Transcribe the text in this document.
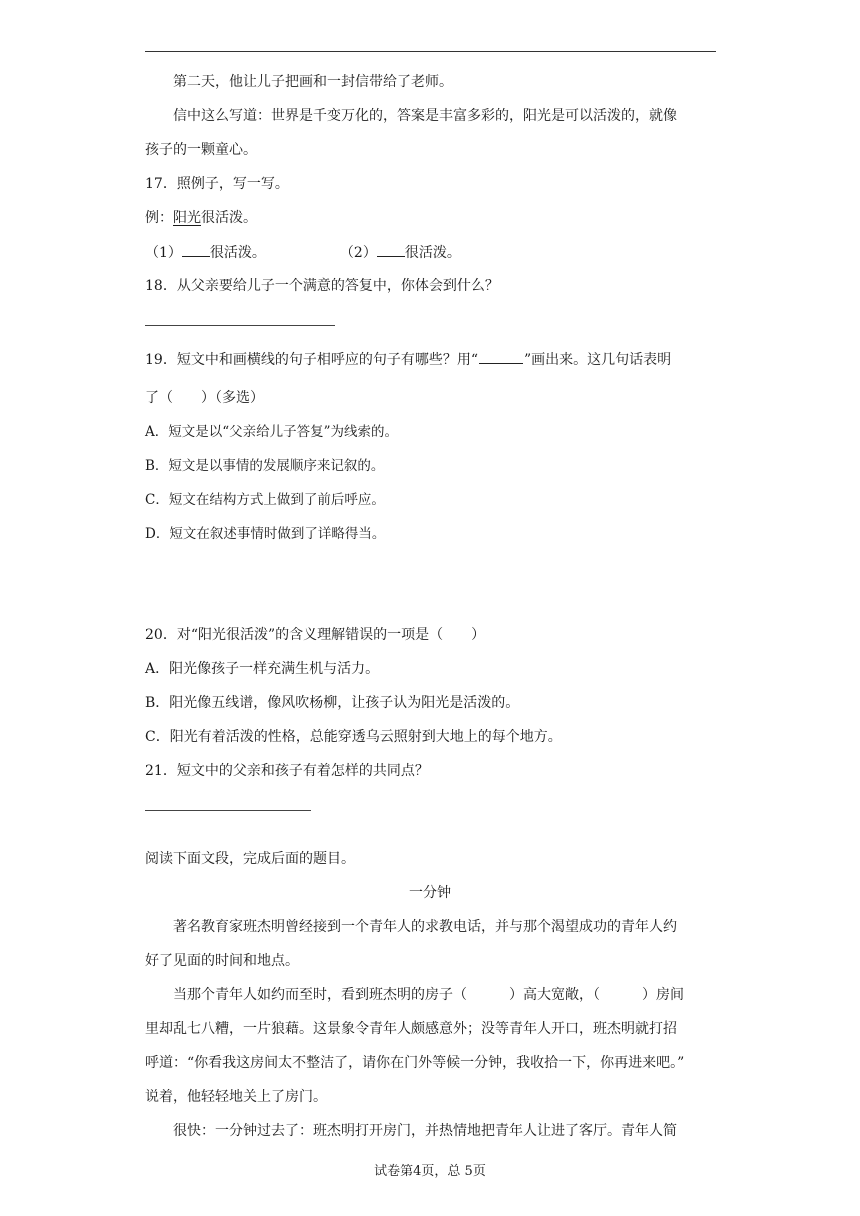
第二天，他让儿子把画和一封信带给了老师。
信中这么写道：世界是千变万化的，答案是丰富多彩的，阳光是可以活泼的，就像
孩子的一颗童心。
17．照例子，写一写。
例：阳光很活泼。
（1） 很活泼。	（2） 很活泼。
18．从父亲要给儿子一个满意的答复中，你体会到什么？
19．短文中和画横线的句子相呼应的句子有哪些？用“	”画出来。这几句话表明
了（　　）（多选）
A．短文是以“父亲给儿子答复”为线索的。
B．短文是以事情的发展顺序来记叙的。
C．短文在结构方式上做到了前后呼应。
D．短文在叙述事情时做到了详略得当。
20．对“阳光很活泼”的含义理解错误的一项是（　　）
A．阳光像孩子一样充满生机与活力。
B．阳光像五线谱，像风吹杨柳，让孩子认为阳光是活泼的。
C．阳光有着活泼的性格，总能穿透乌云照射到大地上的每个地方。
21．短文中的父亲和孩子有着怎样的共同点？
阅读下面文段，完成后面的题目。
一分钟
著名教育家班杰明曾经接到一个青年人的求教电话，并与那个渴望成功的青年人约
好了见面的时间和地点。
当那个青年人如约而至时，看到班杰明的房子（　　　）高大宽敞，（　　　）房间
里却乱七八糟，一片狼藉。这景象令青年人颇感意外；没等青年人开口，班杰明就打招
呼道：“你看我这房间太不整洁了，请你在门外等候一分钟，我收拾一下，你再进来吧。”
说着，他轻轻地关上了房门。
很快：一分钟过去了：班杰明打开房门，并热情地把青年人让进了客厅。青年人简
试卷第4页，总 5页
